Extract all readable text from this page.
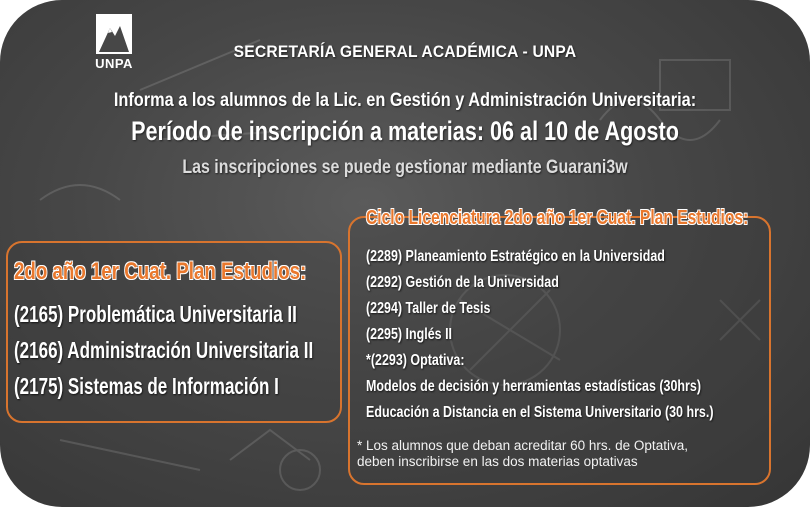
UNPA
SECRETARÍA GENERAL ACADÉMICA - UNPA
Informa a los alumnos de la Lic. en Gestión y Administración Universitaria:
Período de inscripción a materias: 06 al 10 de Agosto
Las inscripciones se puede gestionar mediante Guarani3w
2do año 1er Cuat. Plan Estudios:
(2165) Problemática Universitaria II
(2166) Administración Universitaria II
(2175) Sistemas de Información I
Ciclo Licenciatura 2do año 1er Cuat. Plan Estudios:
(2289) Planeamiento Estratégico en la Universidad
(2292) Gestión de la Universidad
(2294) Taller de Tesis
(2295) Inglés II
*(2293) Optativa:
Modelos de decisión y herramientas estadísticas (30hrs)
Educación a Distancia en el Sistema Universitario (30 hrs.)
* Los alumnos que deban acreditar 60 hrs. de Optativa,
deben inscribirse en las dos materias optativas
